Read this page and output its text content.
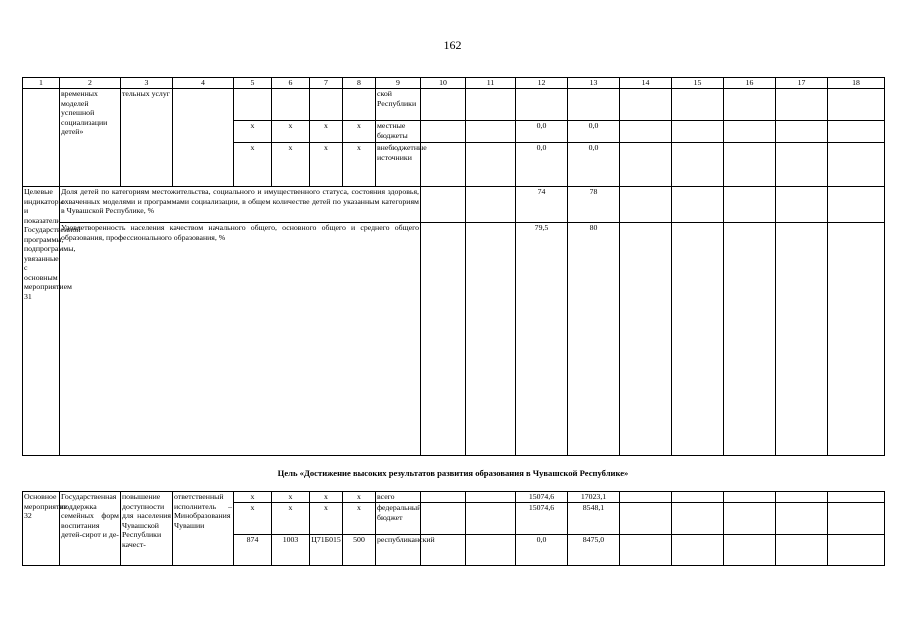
162
1	2	3	4	5	6	7	8	9	10	11	12	13	14	15	16	17	18
	временных моделей успешной социализации детей»	тельных услуг						ской Республики									
				х	х	х	х	местные бюджеты			0,0	0,0					
				х	х	х	х	внебюджетные источники			0,0	0,0					
Целевые индикаторы и показатели Государственной программы, подпрограммы, увязанные с основным мероприятием 31	Доля детей по категориям местожительства, социального и имущественного статуса, состояния здоровья, охваченных моделями и программами социализации, в общем количестве детей по указанным категориям в Чувашской Республике, %										74	78					
	Удовлетворенность населения качеством начального общего, основного общего и среднего общего образования, профессионального образования, %										79,5	80					
Цель «Достижение высоких результатов развития образования в Чувашской Республике»
Основное мероприятие 32	Государственная поддержка семейных форм воспитания детей-сирот и де-	повышение доступности для населения Чувашской Республики качест-	ответственный исполнитель – Минобразования Чувашии	х	х	х	х	всего			15074,6	17023,1					
				х	х	х	х	федеральный бюджет			15074,6	8548,1					
				874	1003	Ц71Б015	500	республиканский			0,0	8475,0					
